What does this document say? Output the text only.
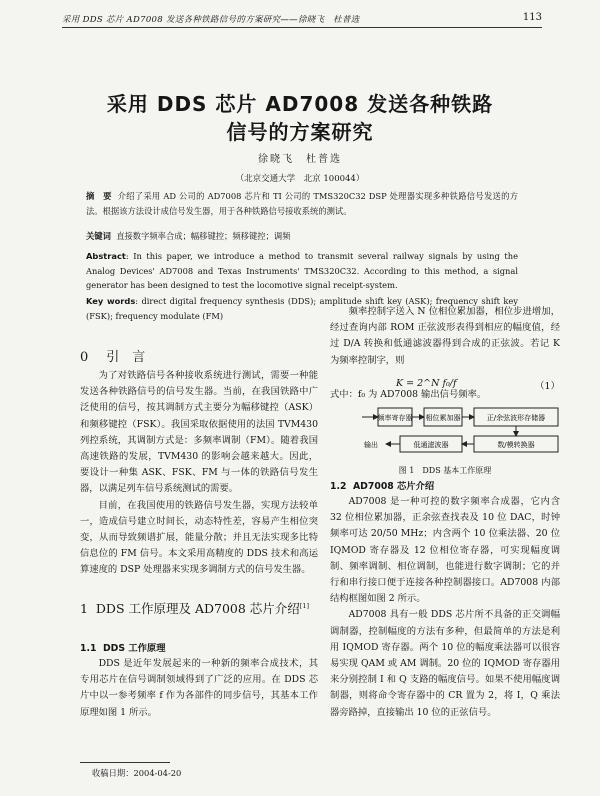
采用 DDS 芯片 AD7008 发送各种铁路信号的方案研究——徐晓飞　杜普选	113
采用 DDS 芯片 AD7008 发送各种铁路
信号的方案研究
徐晓飞　杜普选
（北京交通大学　北京 100044）
摘　要 介绍了采用 AD 公司的 AD7008 芯片和 TI 公司的 TMS320C32 DSP 处理器实现多种铁路信号发送的方法。根据该方法设计成信号发生器，用于各种铁路信号接收系统的测试。
关键词 直接数字频率合成；幅移键控；频移键控；调频
Abstract: In this paper, we introduce a method to transmit several railway signals by using the Analog Devices' AD7008 and Texas Instruments' TMS320C32. According to this method, a signal generator has been designed to test the locomotive signal receipt-system.
Key words: direct digital frequency synthesis (DDS); amplitude shift key (ASK); frequency shift key (FSK); frequency modulate (FM)
0 引　言

为了对铁路信号各种接收系统进行测试，需要一种能发送各种铁路信号的信号发生器。当前，在我国铁路中广泛使用的信号，按其调制方式主要分为幅移键控（ASK）和频移键控（FSK）。我国采取依据使用的法国 TVM430 列控系统，其调制方式是：多频率调制（FM）。随着我国高速铁路的发展，TVM430 的影响会越来越大。因此，要设计一种集 ASK、FSK、FM 与一体的铁路信号发生器，以满足列车信号系统测试的需要。

目前，在我国使用的铁路信号发生器，实现方法较单一，造成信号建立时间长，动态特性差，容易产生相位突变，从而导致频谱扩展，能量分散；并且无法实现多比特信息位的 FM 信号。本文采用高精度的 DDS 技术和高运算速度的 DSP 处理器来实现多调制方式的信号发生器。

1 DDS 工作原理及 AD7008 芯片介绍[1]
1.1 DDS 工作原理

DDS 是近年发展起来的一种新的频率合成技术，其专用芯片在信号调制领域得到了广泛的应用。在 DDS 芯片中以一参考频率 f 作为各部件的同步信号，其基本工作原理如图 1 所示。

收稿日期：2004-04-20

频率控制字送入 N 位相位累加器，相位步进增加，经过查询内部 ROM 正弦波形表得到相应的幅度值，经过 D/A 转换和低通滤波器得到合成的正弦波。若记 K 为频率控制字，则

K = 2^N f₀/f	（1）

式中：f₀ 为 AD7008 输出信号频率。

频率寄存器 相位累加器	正/余弦波形存储器
数/模转换器
低通滤波器
输出
图 1　DDS 基本工作原理
1.2 AD7008 芯片介绍

AD7008 是一种可控的数字频率合成器，它内含 32 位相位累加器，正余弦查找表及 10 位 DAC，时钟频率可达 20/50 MHz；内含两个 10 位乘法器、20 位 IQMOD 寄存器及 12 位相位寄存器，可实现幅度调制、频率调制、相位调制，也能进行数字调制；它的并行和串行接口便于连接各种控制器接口。AD7008 内部结构框图如图 2 所示。

AD7008 具有一般 DDS 芯片所不具备的正交调幅调制器，控制幅度的方法有多种，但最简单的方法是利用 IQMOD 寄存器。两个 10 位的幅度乘法器可以很容易实现 QAM 或 AM 调制。20 位的 IQMOD 寄存器用来分别控制 I 和 Q 支路的幅度信号。如果不使用幅度调制器，则将命令寄存器中的 CR 置为 2，将 I，Q 乘法器旁路掉，直接输出 10 位的正弦信号。
